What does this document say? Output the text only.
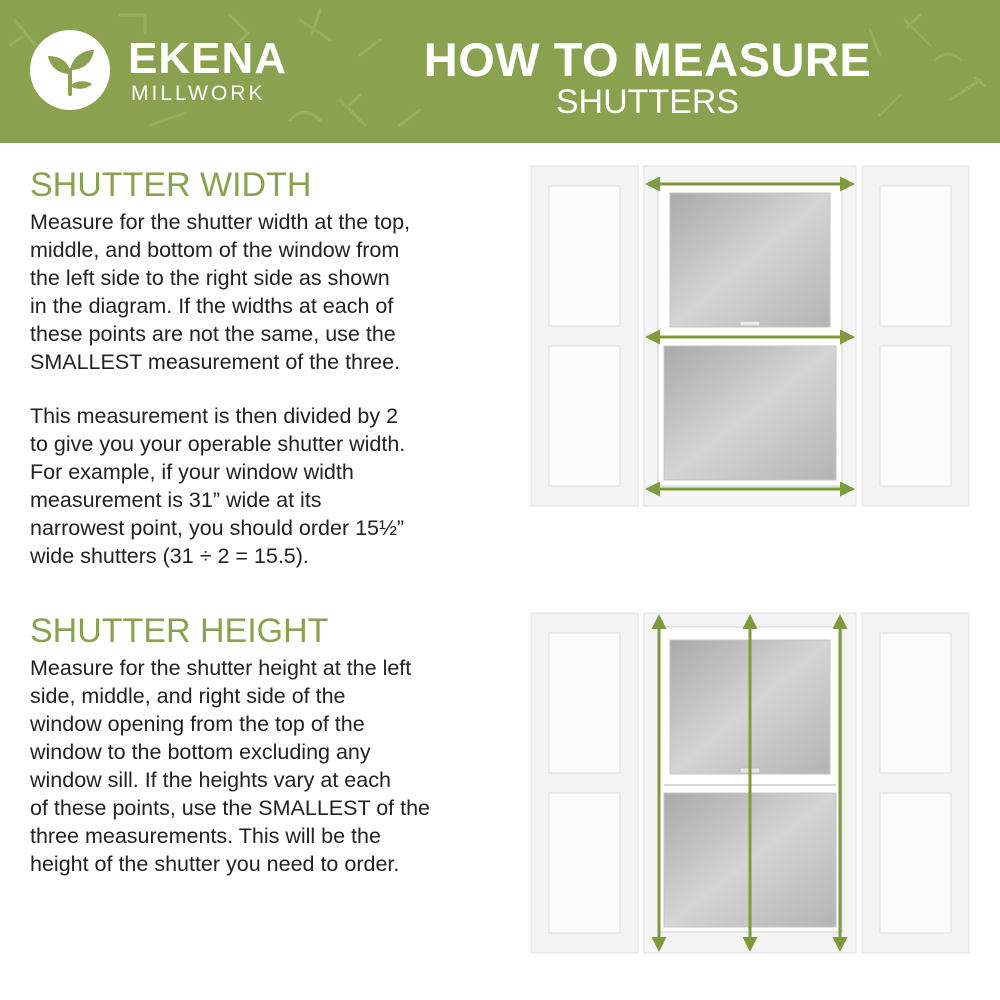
EKENA
MILLWORK
HOW TO MEASURE
SHUTTERS
SHUTTER WIDTH
Measure for the shutter width at the top,
middle, and bottom of the window from
the left side to the right side as shown
in the diagram. If the widths at each of
these points are not the same, use the
SMALLEST measurement of the three.
This measurement is then divided by 2
to give you your operable shutter width.
For example, if your window width
measurement is 31” wide at its
narrowest point, you should order 15½”
wide shutters (31 ÷ 2 = 15.5).
SHUTTER HEIGHT
Measure for the shutter height at the left
side, middle, and right side of the
window opening from the top of the
window to the bottom excluding any
window sill. If the heights vary at each
of these points, use the SMALLEST of the
three measurements. This will be the
height of the shutter you need to order.
